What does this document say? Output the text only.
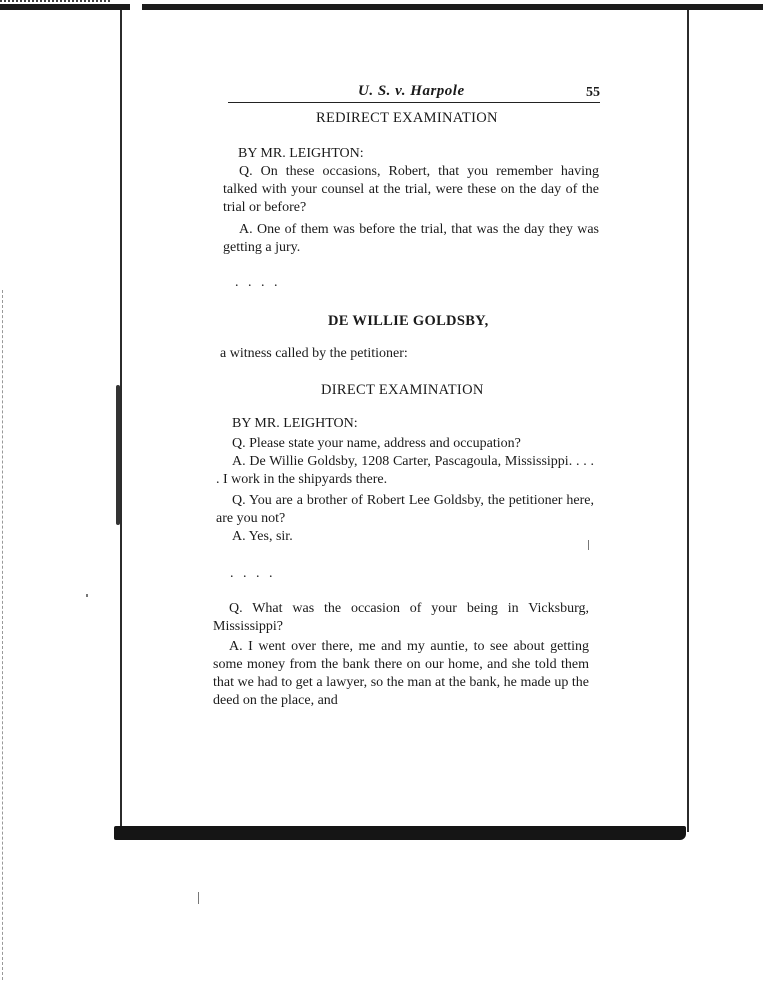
U. S. v. Harpole	55
REDIRECT EXAMINATION
BY MR. LEIGHTON:
Q. On these occasions, Robert, that you remember having talked with your counsel at the trial, were these on the day of the trial or before?
A. One of them was before the trial, that was the day they was getting a jury.
. . . .
DE WILLIE GOLDSBY,
a witness called by the petitioner:
DIRECT EXAMINATION
BY MR. LEIGHTON:
Q. Please state your name, address and occupation?
A. De Willie Goldsby, 1208 Carter, Pascagoula, Mississippi. . . . . I work in the shipyards there.
Q. You are a brother of Robert Lee Goldsby, the petitioner here, are you not?
A. Yes, sir.
. . . .
Q. What was the occasion of your being in Vicksburg, Mississippi?
A. I went over there, me and my auntie, to see about getting some money from the bank there on our home, and she told them that we had to get a lawyer, so the man at the bank, he made up the deed on the place, and
